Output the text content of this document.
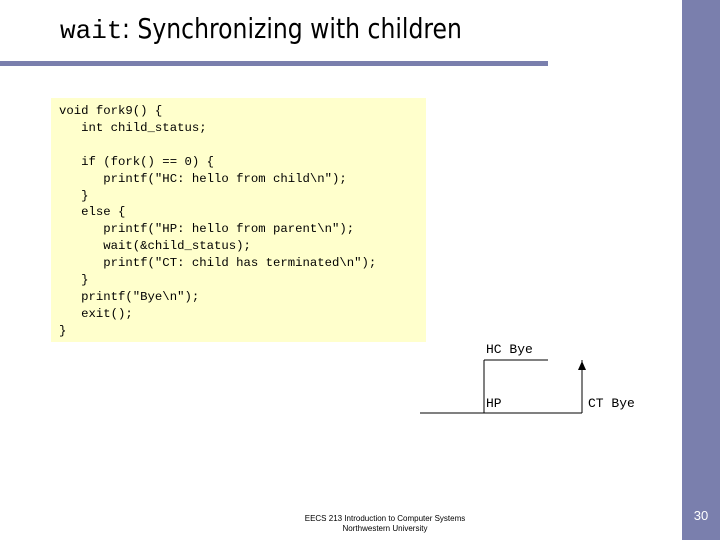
wait : Synchronizing with children
void fork9() {
int child_status;

if (fork() == 0) {
printf("HC: hello from child\n");
}
else {
printf("HP: hello from parent\n");
wait(&child_status);
printf("CT: child has terminated\n");
}
printf("Bye\n");
exit();
}
HC Bye
HP	CT Bye
EECS 213 Introduction to Computer Systems
Northwestern University
30
